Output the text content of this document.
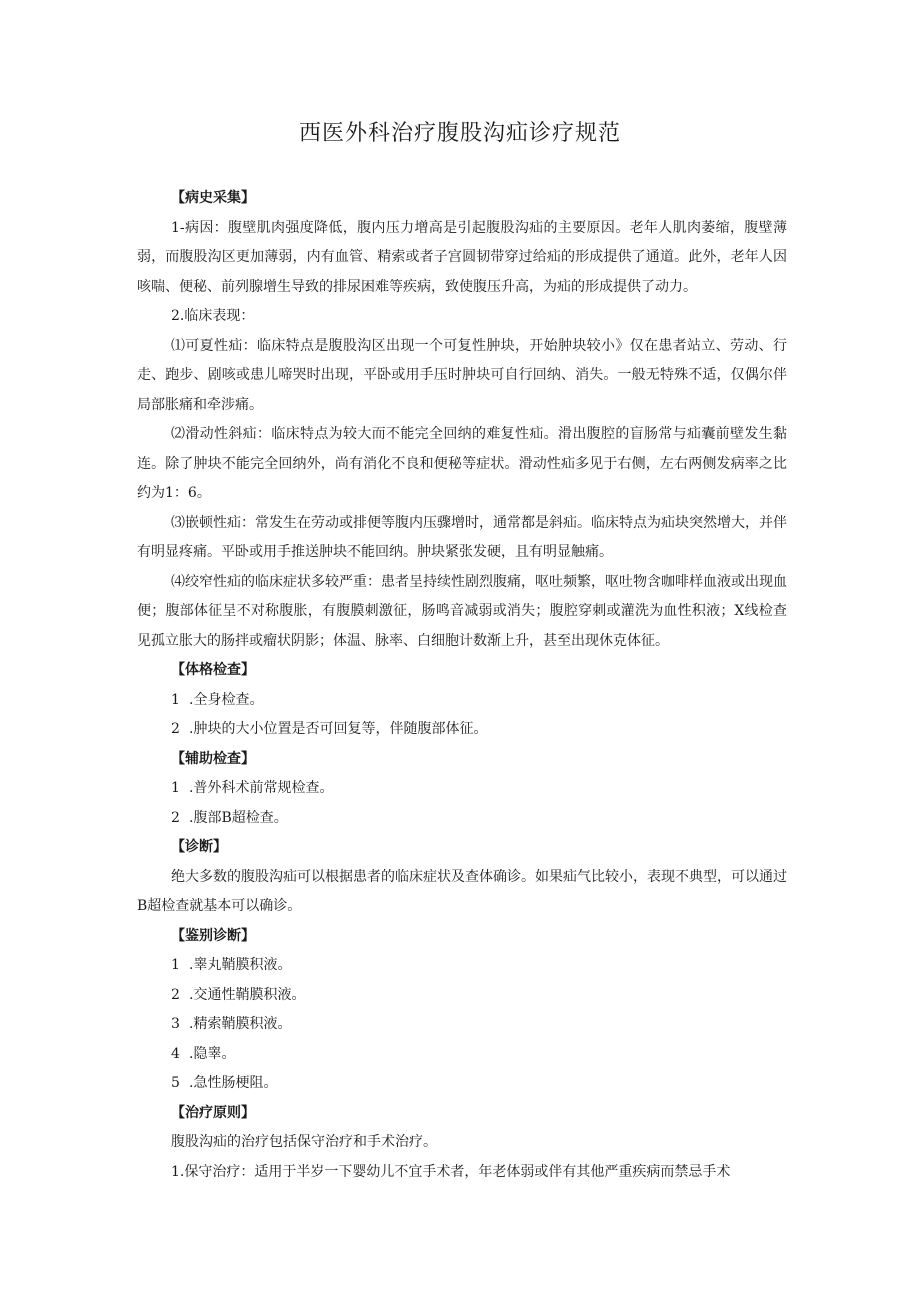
西医外科治疗腹股沟疝诊疗规范

【病史采集】

1-病因：腹壁肌肉强度降低，腹内压力增高是引起腹股沟疝的主要原因。老年人肌肉萎缩，腹壁薄弱，而腹股沟区更加薄弱，内有血管、精索或者子宫圆韧带穿过给疝的形成提供了通道。此外，老年人因咳喘、便秘、前列腺增生导致的排尿困难等疾病，致使腹压升高，为疝的形成提供了动力。

2.临床表现：

⑴可夏性疝：临床特点是腹股沟区出现一个可复性肿块，开始肿块较小》仅在患者站立、劳动、行走、跑步、剧咳或患儿啼哭时出现，平卧或用手压时肿块可自行回纳、消失。一般无特殊不适，仅偶尔伴局部胀痛和牵涉痛。

⑵滑动性斜疝：临床特点为较大而不能完全回纳的难复性疝。滑出腹腔的盲肠常与疝囊前壁发生黏连。除了肿块不能完全回纳外，尚有消化不良和便秘等症状。滑动性疝多见于右侧，左右两侧发病率之比约为1：6。

⑶嵌顿性疝：常发生在劳动或排便等腹内压骤增时，通常都是斜疝。临床特点为疝块突然增大，并伴有明显疼痛。平卧或用手推送肿块不能回纳。肿块紧张发硬，且有明显触痛。

⑷绞窄性疝的临床症状多较严重：患者呈持续性剧烈腹痛，呕吐频繁，呕吐物含咖啡样血液或出现血便；腹部体征呈不对称腹胀，有腹膜刺激征，肠鸣音减弱或消失；腹腔穿刺或灌洗为血性积液；X线检查见孤立胀大的肠拌或瘤状阴影；体温、脉率、白细胞计数渐上升，甚至出现休克体征。

【体格检查】

1 .全身检查。

2 .肿块的大小位置是否可回复等，伴随腹部体征。

【辅助检查】

1 .普外科术前常规检查。

2 .腹部B超检查。

【诊断】

绝大多数的腹股沟疝可以根据患者的临床症状及查体确诊。如果疝气比较小，表现不典型，可以通过B超检查就基本可以确诊。

【鉴别诊断】

1 .睾丸鞘膜积液。

2 .交通性鞘膜积液。

3 .精索鞘膜积液。

4 .隐睾。

5 .急性肠梗阻。

【治疗原则】

腹股沟疝的治疗包括保守治疗和手术治疗。

1.保守治疗：适用于半岁一下婴幼儿不宜手术者，年老体弱或伴有其他严重疾病而禁忌手术
